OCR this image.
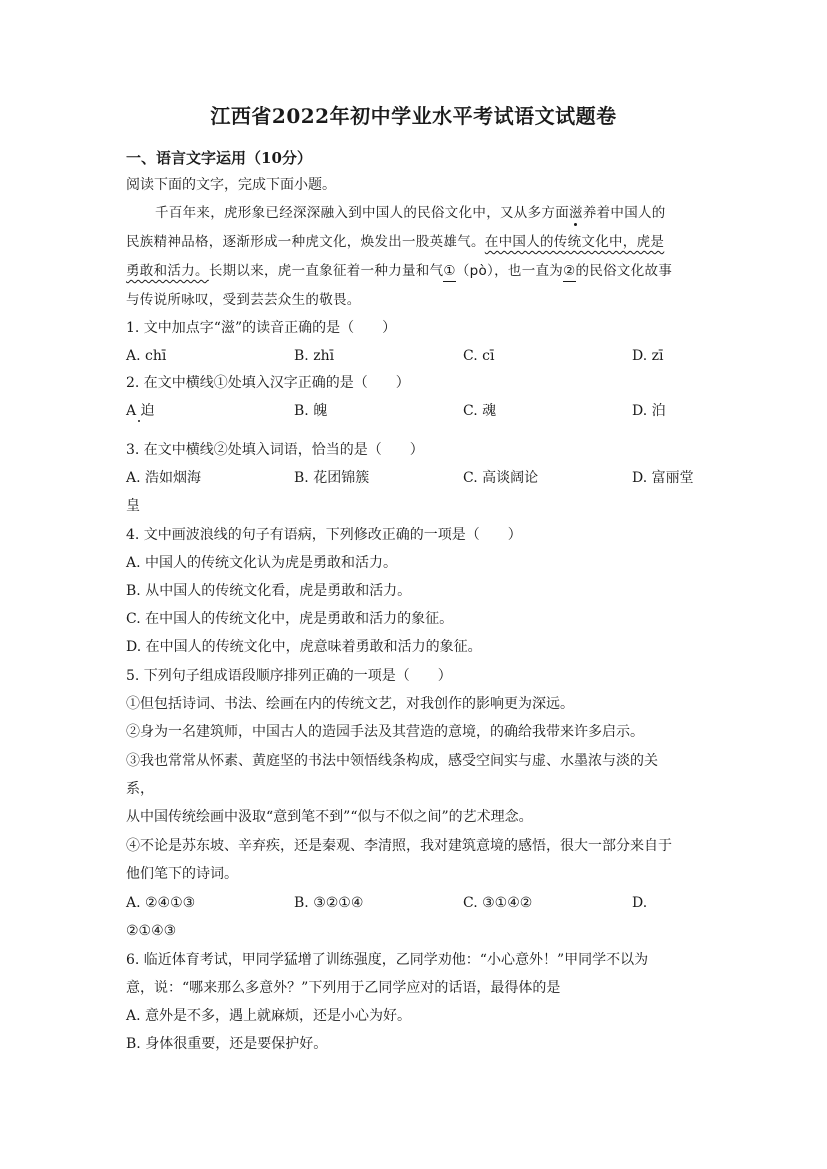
江西省2022年初中学业水平考试语文试题卷
一、语言文字运用（10分）
阅读下面的文字，完成下面小题。
千百年来，虎形象已经深深融入到中国人的民俗文化中，又从多方面滋养着中国人的
民族精神品格，逐渐形成一种虎文化，焕发出一股英雄气。在中国人的传统文化中，虎是
勇敢和活力。长期以来，虎一直象征着一种力量和气①（pò），也一直为②的民俗文化故事
与传说所咏叹，受到芸芸众生的敬畏。
1. 文中加点字“滋”的读音正确的是（　　）
A. chī	B. zhī	C. cī	D. zī
2. 在文中横线①处填入汉字正确的是（　　）
A 迫	B. 魄	C. 魂	D. 泊
3. 在文中横线②处填入词语，恰当的是（　　）
A. 浩如烟海	B. 花团锦簇	C. 高谈阔论	D. 富丽堂
皇
4. 文中画波浪线的句子有语病，下列修改正确的一项是（　　）
A. 中国人的传统文化认为虎是勇敢和活力。
B. 从中国人的传统文化看，虎是勇敢和活力。
C. 在中国人的传统文化中，虎是勇敢和活力的象征。
D. 在中国人的传统文化中，虎意味着勇敢和活力的象征。
5. 下列句子组成语段顺序排列正确的一项是（　　）
①但包括诗词、书法、绘画在内的传统文艺，对我创作的影响更为深远。
②身为一名建筑师，中国古人的造园手法及其营造的意境，的确给我带来许多启示。
③我也常常从怀素、黄庭坚的书法中领悟线条构成，感受空间实与虚、水墨浓与淡的关
系，
从中国传统绘画中汲取“意到笔不到”“似与不似之间”的艺术理念。
④不论是苏东坡、辛弃疾，还是秦观、李清照，我对建筑意境的感悟，很大一部分来自于
他们笔下的诗词。
A. ②④①③	B. ③②①④	C. ③①④②	D.
②①④③
6. 临近体育考试，甲同学猛增了训练强度，乙同学劝他：“小心意外！”甲同学不以为
意，说：“哪来那么多意外？”下列用于乙同学应对的话语，最得体的是
A. 意外是不多，遇上就麻烦，还是小心为好。
B. 身体很重要，还是要保护好。
